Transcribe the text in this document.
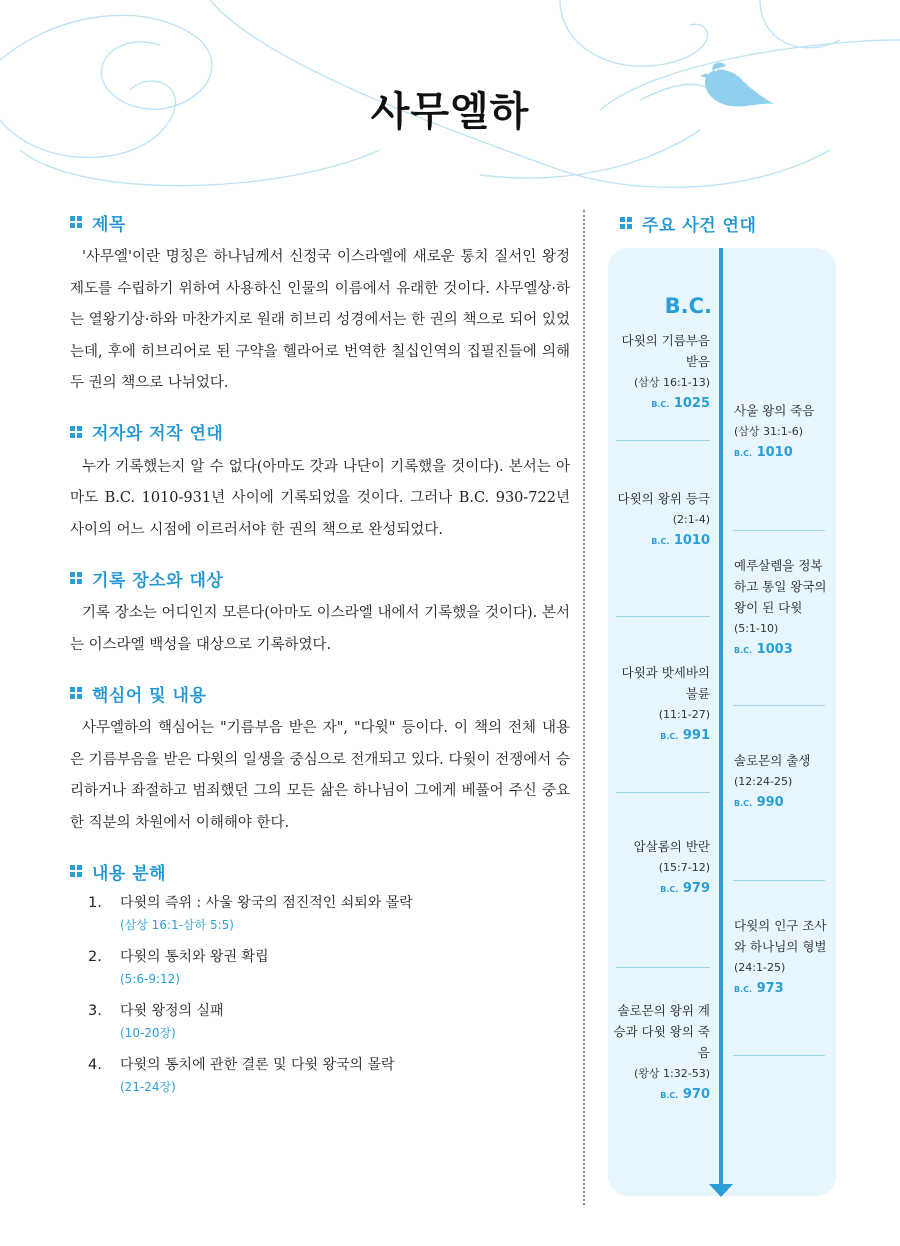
사무엘하
제목

'사무엘'이란 명칭은 하나님께서 신정국 이스라엘에 새로운 통치 질서인 왕정 제도를 수립하기 위하여 사용하신 인물의 이름에서 유래한 것이다. 사무엘상·하는 열왕기상·하와 마찬가지로 원래 히브리 성경에서는 한 권의 책으로 되어 있었는데, 후에 히브리어로 된 구약을 헬라어로 번역한 칠십인역의 집필진들에 의해 두 권의 책으로 나뉘었다.

저자와 저작 연대

누가 기록했는지 알 수 없다(아마도 갓과 나단이 기록했을 것이다). 본서는 아마도 B.C. 1010-931년 사이에 기록되었을 것이다. 그러나 B.C. 930-722년 사이의 어느 시점에 이르러서야 한 권의 책으로 완성되었다.

기록 장소와 대상

기록 장소는 어디인지 모른다(아마도 이스라엘 내에서 기록했을 것이다). 본서는 이스라엘 백성을 대상으로 기록하였다.

핵심어 및 내용

사무엘하의 핵심어는 "기름부음 받은 자", "다윗" 등이다. 이 책의 전체 내용은 기름부음을 받은 다윗의 일생을 중심으로 전개되고 있다. 다윗이 전쟁에서 승리하거나 좌절하고 범죄했던 그의 모든 삶은 하나님이 그에게 베풀어 주신 중요한 직분의 차원에서 이해해야 한다.

내용 분해
1.	다윗의 즉위 : 사울 왕국의 점진적인 쇠퇴와 몰락
(삼상 16:1-삼하 5:5)
2.	다윗의 통치와 왕권 확립
(5:6-9:12)
3.	다윗 왕정의 실패
(10-20장)
4.	다윗의 통치에 관한 결론 및 다윗 왕국의 몰락
(21-24장)
주요 사건 연대
B.C.
다윗의 기름부음 받음
(삼상 16:1-13)
B.C. 1025
다윗의 왕위 등극
(2:1-4)
B.C. 1010
다윗과 밧세바의 불륜
(11:1-27)
B.C. 991
압살롬의 반란
(15:7-12)
B.C. 979
솔로몬의 왕위 계승과 다윗 왕의 죽음
(왕상 1:32-53)
B.C. 970
사울 왕의 죽음
(삼상 31:1-6)
B.C. 1010
예루살렘을 정복하고 통일 왕국의 왕이 된 다윗
(5:1-10)
B.C. 1003
솔로몬의 출생
(12:24-25)
B.C. 990
다윗의 인구 조사와 하나님의 형벌
(24:1-25)
B.C. 973
